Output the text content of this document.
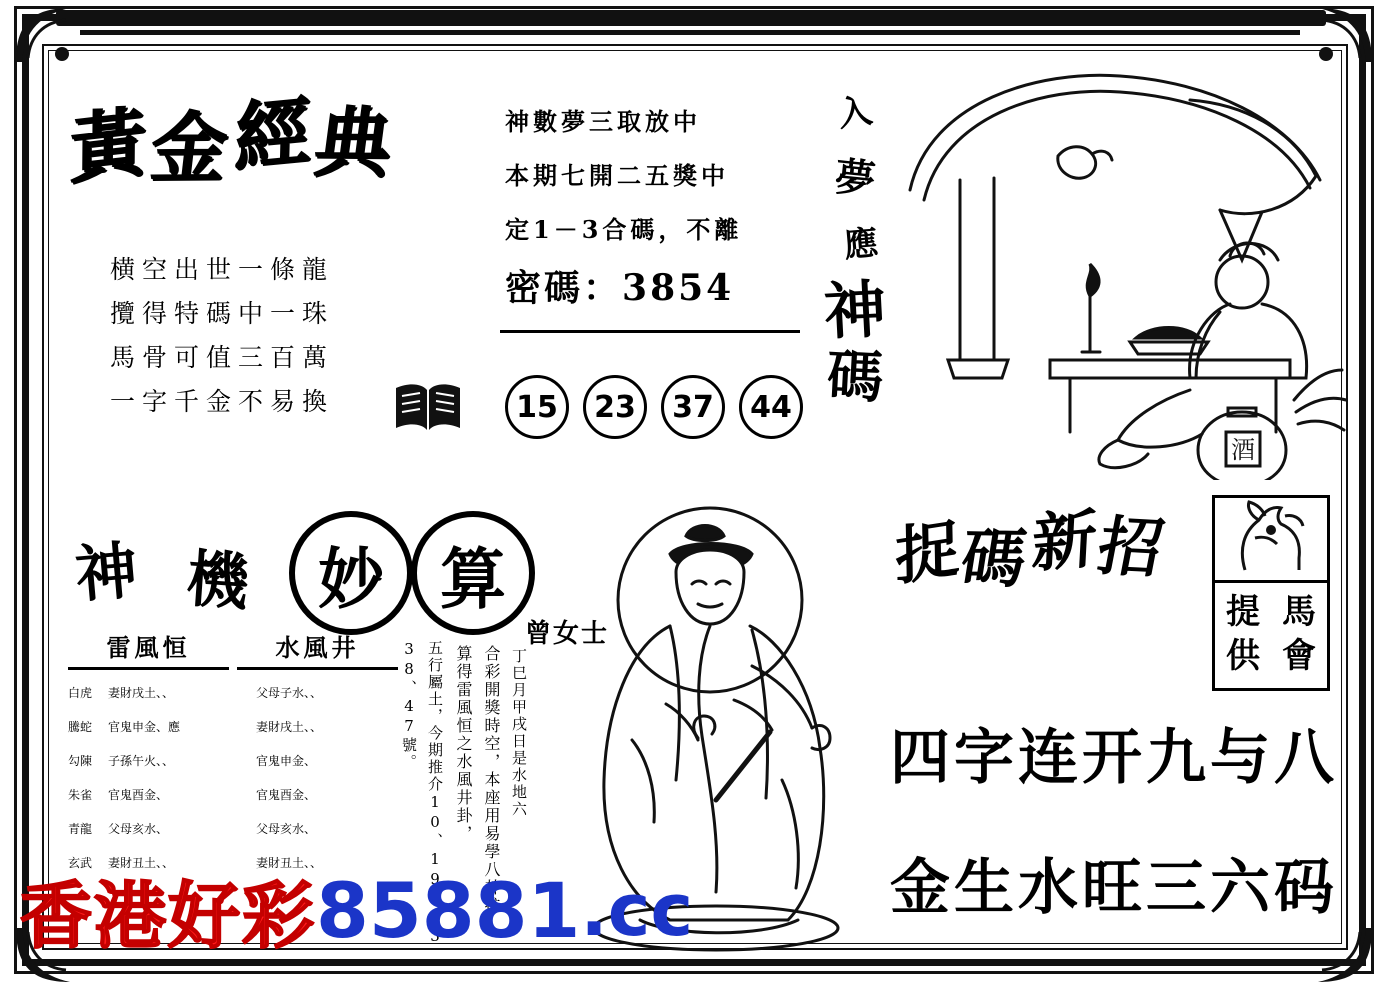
黃金經典
横空出世一條龍
攬得特碼中一珠
馬骨可值三百萬
一字千金不易換
神數夢三取放中
本期七開二五獎中
定1－3合碼，不離
密碼：3854
15	23	37	44
入
夢
應
神
碼
酒
捉碼新招
提
供
馬
會
神 機	妙 算
曾女士
雷風恒	水風井
白虎	妻財戌土、、	父母子水、、
騰蛇	官鬼申金、應	妻財戌土、、
勾陳	子孫午火、、	官鬼申金、
朱雀	官鬼酉金、	官鬼酉金、
青龍	父母亥水、	父母亥水、
玄武	妻財丑土、、	妻財丑土、、
38、47號。 五行屬土，今期推介10、19、23 算得雷風恒之水風井卦， 合彩開獎時空，本座用易學八卦推 丁巳月甲戌日是水地六	四字连开九与八
金生水旺三六码
香港好彩 85881 .cc
